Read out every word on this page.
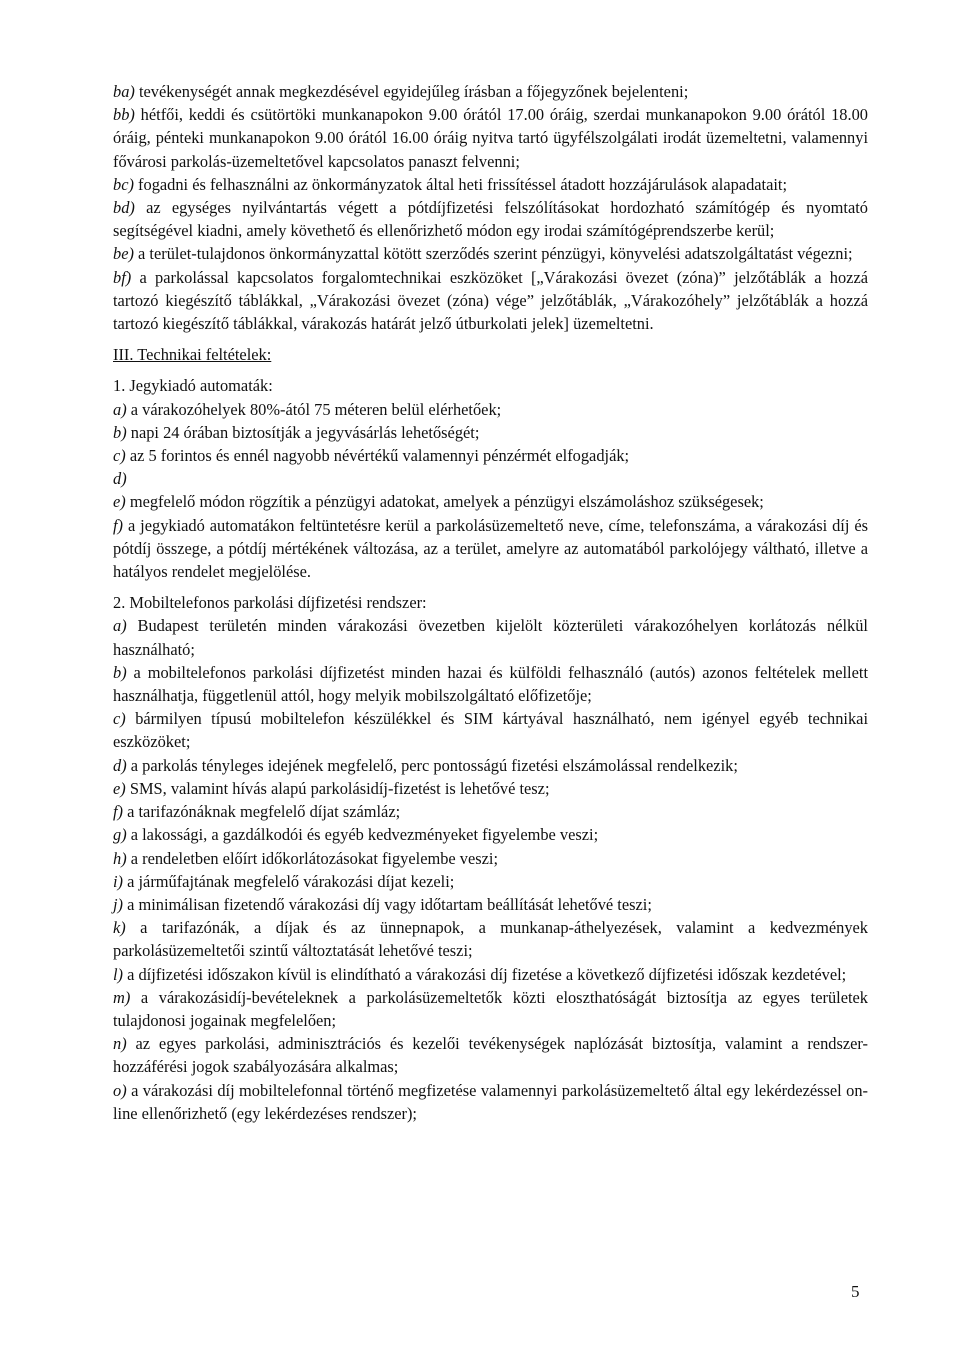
ba) tevékenységét annak megkezdésével egyidejűleg írásban a főjegyzőnek bejelenteni;

bb) hétfői, keddi és csütörtöki munkanapokon 9.00 órától 17.00 óráig, szerdai munkanapokon 9.00 órától 18.00 óráig, pénteki munkanapokon 9.00 órától 16.00 óráig nyitva tartó ügyfélszolgálati irodát üzemeltetni, valamennyi fővárosi parkolás-üzemeltetővel kapcsolatos panaszt felvenni;

bc) fogadni és felhasználni az önkormányzatok által heti frissítéssel átadott hozzájárulások alapadatait;

bd) az egységes nyilvántartás végett a pótdíjfizetési felszólításokat hordozható számítógép és nyomtató segítségével kiadni, amely követhető és ellenőrizhető módon egy irodai számítógéprendszerbe kerül;

be) a terület-tulajdonos önkormányzattal kötött szerződés szerint pénzügyi, könyvelési adatszolgáltatást végezni;

bf) a parkolással kapcsolatos forgalomtechnikai eszközöket [„Várakozási övezet (zóna)” jelzőtáblák a hozzá tartozó kiegészítő táblákkal, „Várakozási övezet (zóna) vége” jelzőtáblák, „Várakozóhely” jelzőtáblák a hozzá tartozó kiegészítő táblákkal, várakozás határát jelző útburkolati jelek] üzemeltetni.

III. Technikai feltételek:

1. Jegykiadó automaták:

a) a várakozóhelyek 80%-ától 75 méteren belül elérhetőek;

b) napi 24 órában biztosítják a jegyvásárlás lehetőségét;

c) az 5 forintos és ennél nagyobb névértékű valamennyi pénzérmét elfogadják;

d)

e) megfelelő módon rögzítik a pénzügyi adatokat, amelyek a pénzügyi elszámoláshoz szükségesek;

f) a jegykiadó automatákon feltüntetésre kerül a parkolásüzemeltető neve, címe, telefonszáma, a várakozási díj és pótdíj összege, a pótdíj mértékének változása, az a terület, amelyre az automatából parkolójegy váltható, illetve a hatályos rendelet megjelölése.

2. Mobiltelefonos parkolási díjfizetési rendszer:

a) Budapest területén minden várakozási övezetben kijelölt közterületi várakozóhelyen korlátozás nélkül használható;

b) a mobiltelefonos parkolási díjfizetést minden hazai és külföldi felhasználó (autós) azonos feltételek mellett használhatja, függetlenül attól, hogy melyik mobilszolgáltató előfizetője;

c) bármilyen típusú mobiltelefon készülékkel és SIM kártyával használható, nem igényel egyéb technikai eszközöket;

d) a parkolás tényleges idejének megfelelő, perc pontosságú fizetési elszámolással rendelkezik;

e) SMS, valamint hívás alapú parkolásidíj-fizetést is lehetővé tesz;

f) a tarifazónáknak megfelelő díjat számláz;

g) a lakossági, a gazdálkodói és egyéb kedvezményeket figyelembe veszi;

h) a rendeletben előírt időkorlátozásokat figyelembe veszi;

i) a járműfajtának megfelelő várakozási díjat kezeli;

j) a minimálisan fizetendő várakozási díj vagy időtartam beállítását lehetővé teszi;

k) a tarifazónák, a díjak és az ünnepnapok, a munkanap-áthelyezések, valamint a kedvezmények parkolásüzemeltetői szintű változtatását lehetővé teszi;

l) a díjfizetési időszakon kívül is elindítható a várakozási díj fizetése a következő díjfizetési időszak kezdetével;

m) a várakozásidíj-bevételeknek a parkolásüzemeltetők közti eloszthatóságát biztosítja az egyes területek tulajdonosi jogainak megfelelően;

n) az egyes parkolási, adminisztrációs és kezelői tevékenységek naplózását biztosítja, valamint a rendszer-hozzáférési jogok szabályozására alkalmas;

o) a várakozási díj mobiltelefonnal történő megfizetése valamennyi parkolásüzemeltető által egy lekérdezéssel on-line ellenőrizhető (egy lekérdezéses rendszer);

5
